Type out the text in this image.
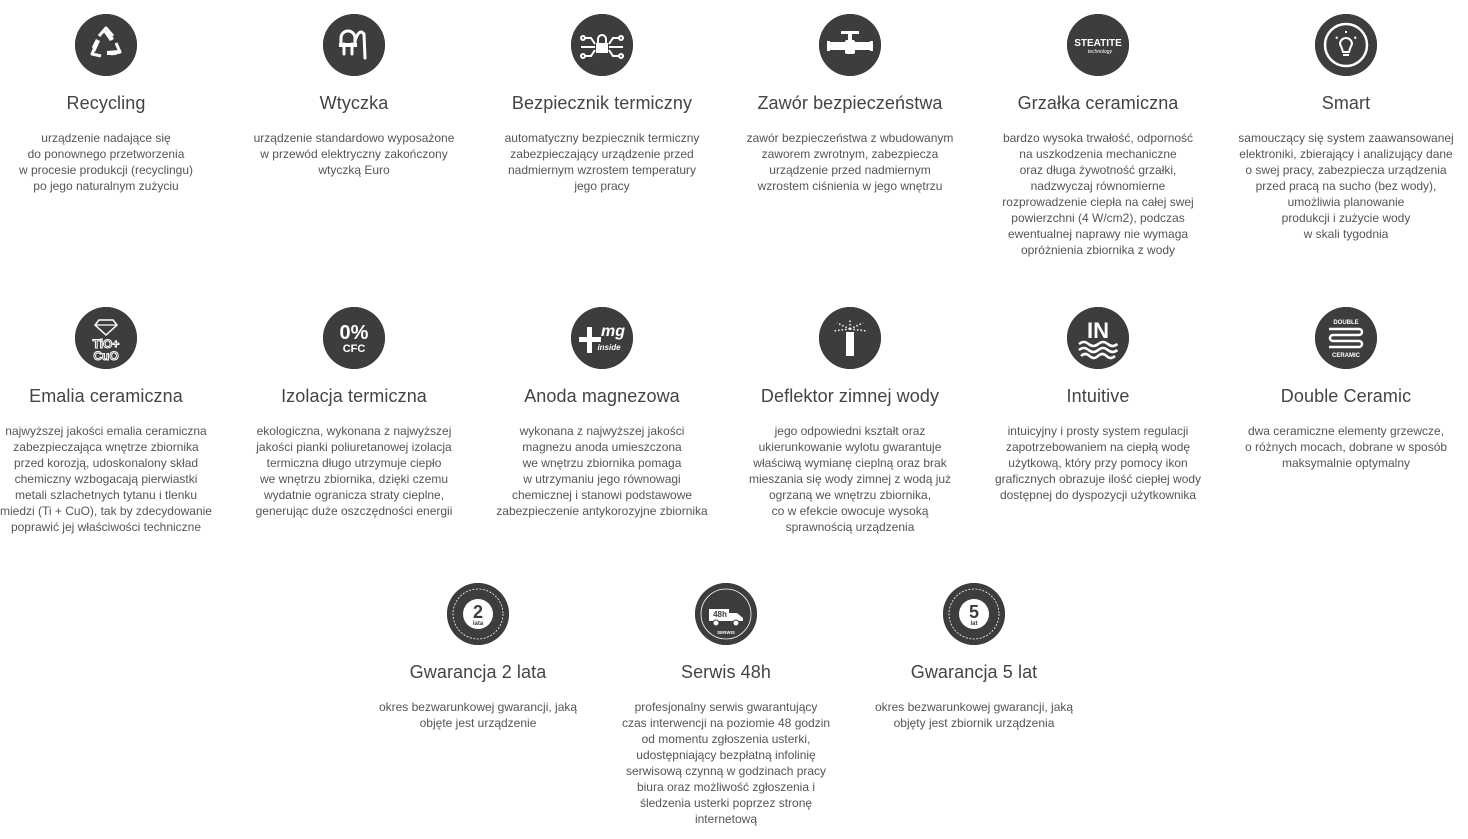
Recycling
urządzenie nadające się
do ponownego przetworzenia
w procesie produkcji (recyclingu)
po jego naturalnym zużyciu
Wtyczka
urządzenie standardowo wyposażone
w przewód elektryczny zakończony
wtyczką Euro
Bezpiecznik termiczny
automatyczny bezpiecznik termiczny
zabezpieczający urządzenie przed
nadmiernym wzrostem temperatury
jego pracy
Zawór bezpieczeństwa
zawór bezpieczeństwa z wbudowanym
zaworem zwrotnym, zabezpiecza
urządzenie przed nadmiernym
wzrostem ciśnienia w jego wnętrzu
STEATITE
technology
Grzałka ceramiczna
bardzo wysoka trwałość, odporność
na uszkodzenia mechaniczne
oraz długa żywotność grzałki,
nadzwyczaj równomierne
rozprowadzenie ciepła na całej swej
powierzchni (4 W/cm2), podczas
ewentualnej naprawy nie wymaga
opróżnienia zbiornika z wody
Smart
samouczący się system zaawansowanej
elektroniki, zbierający i analizujący dane
o swej pracy, zabezpiecza urządzenia
przed pracą na sucho (bez wody),
umożliwia planowanie
produkcji i zużycie wody
w skali tygodnia
TiO+
CuO
Emalia ceramiczna
najwyższej jakości emalia ceramiczna
zabezpieczająca wnętrze zbiornika
przed korozją, udoskonalony skład
chemiczny wzbogacają pierwiastki
metali szlachetnych tytanu i tlenku
miedzi (Ti + CuO), tak by zdecydowanie
poprawić jej właściwości techniczne
0%
CFC
Izolacja termiczna
ekologiczna, wykonana z najwyższej
jakości pianki poliuretanowej izolacja
termiczna długo utrzymuje ciepło
we wnętrzu zbiornika, dzięki czemu
wydatnie ogranicza straty cieplne,
generując duże oszczędności energii
mg
inside
Anoda magnezowa
wykonana z najwyższej jakości
magnezu anoda umieszczona
we wnętrzu zbiornika pomaga
w utrzymaniu jego równowagi
chemicznej i stanowi podstawowe
zabezpieczenie antykorozyjne zbiornika
Deflektor zimnej wody
jego odpowiedni kształt oraz
ukierunkowanie wylotu gwarantuje
właściwą wymianę cieplną oraz brak
mieszania się wody zimnej z wodą już
ogrzaną we wnętrzu zbiornika,
co w efekcie owocuje wysoką
sprawnością urządzenia
IN
Intuitive
intuicyjny i prosty system regulacji
zapotrzebowaniem na ciepłą wodę
użytkową, który przy pomocy ikon
graficznych obrazuje ilość ciepłej wody
dostępnej do dyspozycji użytkownika
DOUBLE
CERAMIC
Double Ceramic
dwa ceramiczne elementy grzewcze,
o różnych mocach, dobrane w sposób
maksymalnie optymalny
2
lata
Gwarancja 2 lata
okres bezwarunkowej gwarancji, jaką
objęte jest urządzenie
48h
SERWIS
Serwis 48h
profesjonalny serwis gwarantujący
czas interwencji na poziomie 48 godzin
od momentu zgłoszenia usterki,
udostępniający bezpłatną infolinię
serwisową czynną w godzinach pracy
biura oraz możliwość zgłoszenia i
śledzenia usterki poprzez stronę
internetową
5
lat
Gwarancja 5 lat
okres bezwarunkowej gwarancji, jaką
objęty jest zbiornik urządzenia
